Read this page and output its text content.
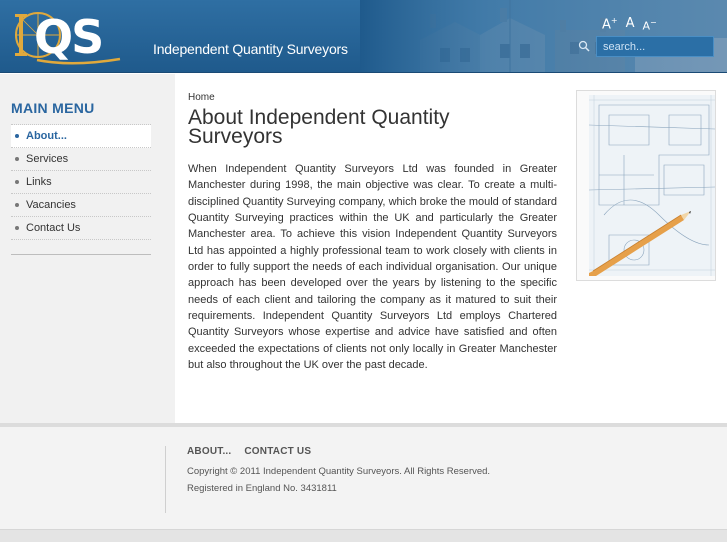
QS	Independent Quantity Surveyors
A+ A A−
search...
MAIN MENU
About...
Services
Links
Vacancies
Contact Us
Home
About Independent Quantity Surveyors

When Independent Quantity Surveyors Ltd was founded in Greater Manchester during 1998, the main objective was clear. To create a multi-disciplined Quantity Surveying company, which broke the mould of standard Quantity Surveying practices within the UK and particularly the Greater Manchester area. To achieve this vision Independent Quantity Surveyors Ltd has appointed a highly professional team to work closely with clients in order to fully support the needs of each individual organisation. Our unique approach has been developed over the years by listening to the specific needs of each client and tailoring the company as it matured to suit their requirements. Independent Quantity Surveyors Ltd employs Chartered Quantity Surveyors whose expertise and advice have satisfied and often exceeded the expectations of clients not only locally in Greater Manchester but also throughout the UK over the past decade.

ABOUT... CONTACT US
Copyright © 2011 Independent Quantity Surveyors. All Rights Reserved.
Registered in England No. 3431811
